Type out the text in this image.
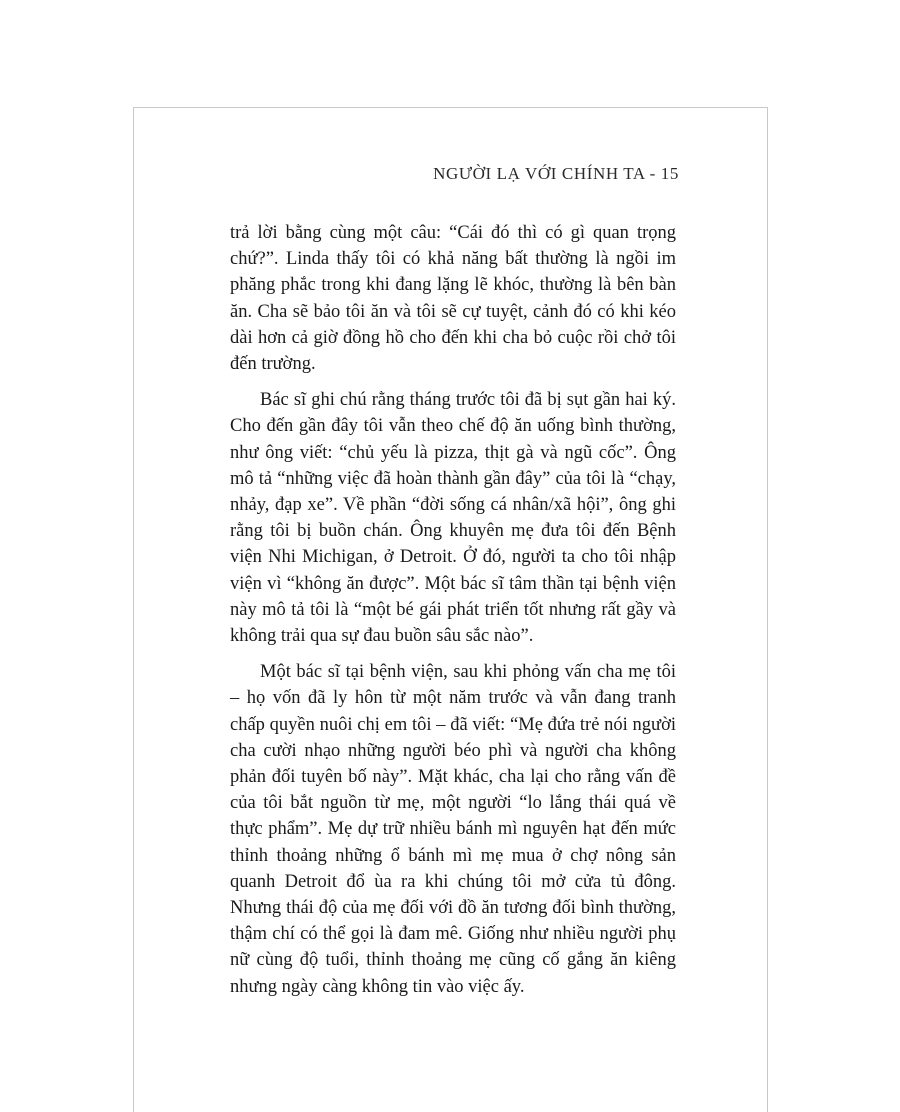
NGƯỜI LẠ VỚI CHÍNH TA - 15

trả lời bằng cùng một câu: “Cái đó thì có gì quan trọng chứ?”. Linda thấy tôi có khả năng bất thường là ngồi im phăng phắc trong khi đang lặng lẽ khóc, thường là bên bàn ăn. Cha sẽ bảo tôi ăn và tôi sẽ cự tuyệt, cảnh đó có khi kéo dài hơn cả giờ đồng hồ cho đến khi cha bỏ cuộc rồi chở tôi đến trường.

Bác sĩ ghi chú rằng tháng trước tôi đã bị sụt gần hai ký. Cho đến gần đây tôi vẫn theo chế độ ăn uống bình thường, như ông viết: “chủ yếu là pizza, thịt gà và ngũ cốc”. Ông mô tả “những việc đã hoàn thành gần đây” của tôi là “chạy, nhảy, đạp xe”. Về phần “đời sống cá nhân/xã hội”, ông ghi rằng tôi bị buồn chán. Ông khuyên mẹ đưa tôi đến Bệnh viện Nhi Michigan, ở Detroit. Ở đó, người ta cho tôi nhập viện vì “không ăn được”. Một bác sĩ tâm thần tại bệnh viện này mô tả tôi là “một bé gái phát triển tốt nhưng rất gầy và không trải qua sự đau buồn sâu sắc nào”.

Một bác sĩ tại bệnh viện, sau khi phỏng vấn cha mẹ tôi – họ vốn đã ly hôn từ một năm trước và vẫn đang tranh chấp quyền nuôi chị em tôi – đã viết: “Mẹ đứa trẻ nói người cha cười nhạo những người béo phì và người cha không phản đối tuyên bố này”. Mặt khác, cha lại cho rằng vấn đề của tôi bắt nguồn từ mẹ, một người “lo lắng thái quá về thực phẩm”. Mẹ dự trữ nhiều bánh mì nguyên hạt đến mức thỉnh thoảng những ổ bánh mì mẹ mua ở chợ nông sản quanh Detroit đổ ùa ra khi chúng tôi mở cửa tủ đông. Nhưng thái độ của mẹ đối với đồ ăn tương đối bình thường, thậm chí có thể gọi là đam mê. Giống như nhiều người phụ nữ cùng độ tuổi, thỉnh thoảng mẹ cũng cố gắng ăn kiêng nhưng ngày càng không tin vào việc ấy.
